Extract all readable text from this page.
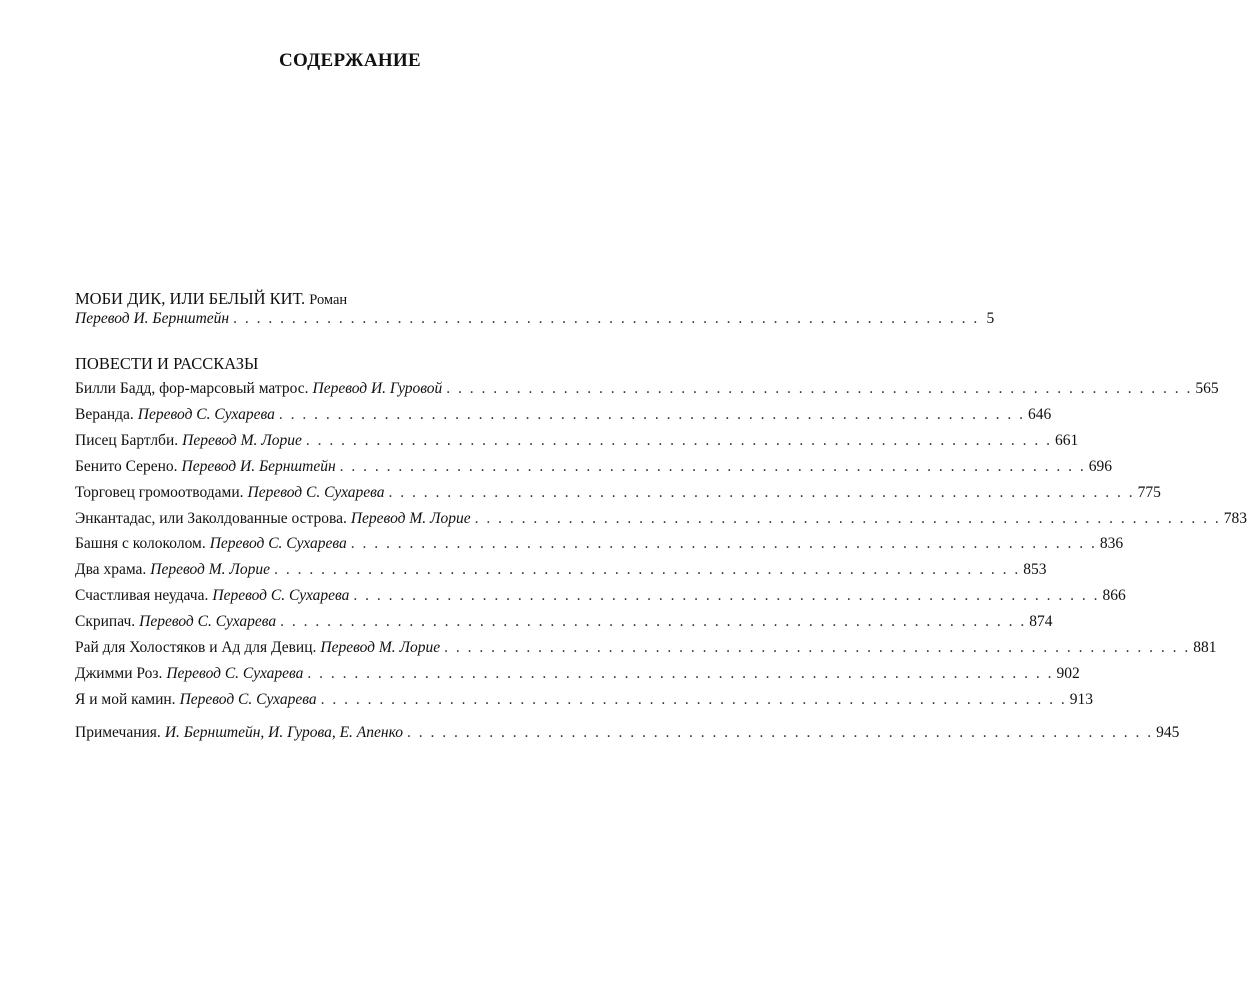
СОДЕРЖАНИЕ
МОБИ ДИК, ИЛИ БЕЛЫЙ КИТ. Роман
Перевод И. Бернштейн . . . . . . . . . . . . . . . . . . . . . . . . . . . . . . . . . . . . . . . . . . . . . . . . . . . . . . . . . . . . . . . . 5
ПОВЕСТИ И РАССКАЗЫ
Билли Бадд, фор-марсовый матрос. Перевод И. Гуровой . . . . . . . . . . . . . . . . . . . . . . . . . . . . . . . . . . . . . . . . . . . . . . . . . . . . . . . . . . . . . . . . 565
Веранда. Перевод С. Сухарева . . . . . . . . . . . . . . . . . . . . . . . . . . . . . . . . . . . . . . . . . . . . . . . . . . . . . . . . . . . . . . . . 646
Писец Бартлби. Перевод М. Лорие . . . . . . . . . . . . . . . . . . . . . . . . . . . . . . . . . . . . . . . . . . . . . . . . . . . . . . . . . . . . . . . . 661
Бенито Серено. Перевод И. Бернштейн . . . . . . . . . . . . . . . . . . . . . . . . . . . . . . . . . . . . . . . . . . . . . . . . . . . . . . . . . . . . . . . . 696
Торговец громоотводами. Перевод С. Сухарева . . . . . . . . . . . . . . . . . . . . . . . . . . . . . . . . . . . . . . . . . . . . . . . . . . . . . . . . . . . . . . . . 775
Энкантадас, или Заколдованные острова. Перевод М. Лорие . . . . . . . . . . . . . . . . . . . . . . . . . . . . . . . . . . . . . . . . . . . . . . . . . . . . . . . . . . . . . . . . 783
Башня с колоколом. Перевод С. Сухарева . . . . . . . . . . . . . . . . . . . . . . . . . . . . . . . . . . . . . . . . . . . . . . . . . . . . . . . . . . . . . . . . 836
Два храма. Перевод М. Лорие . . . . . . . . . . . . . . . . . . . . . . . . . . . . . . . . . . . . . . . . . . . . . . . . . . . . . . . . . . . . . . . . 853
Счастливая неудача. Перевод С. Сухарева . . . . . . . . . . . . . . . . . . . . . . . . . . . . . . . . . . . . . . . . . . . . . . . . . . . . . . . . . . . . . . . . 866
Скрипач. Перевод С. Сухарева . . . . . . . . . . . . . . . . . . . . . . . . . . . . . . . . . . . . . . . . . . . . . . . . . . . . . . . . . . . . . . . . 874
Рай для Холостяков и Ад для Девиц. Перевод М. Лорие . . . . . . . . . . . . . . . . . . . . . . . . . . . . . . . . . . . . . . . . . . . . . . . . . . . . . . . . . . . . . . . . 881
Джимми Роз. Перевод С. Сухарева . . . . . . . . . . . . . . . . . . . . . . . . . . . . . . . . . . . . . . . . . . . . . . . . . . . . . . . . . . . . . . . . 902
Я и мой камин. Перевод С. Сухарева . . . . . . . . . . . . . . . . . . . . . . . . . . . . . . . . . . . . . . . . . . . . . . . . . . . . . . . . . . . . . . . . 913
Примечания. И. Бернштейн, И. Гурова, Е. Апенко . . . . . . . . . . . . . . . . . . . . . . . . . . . . . . . . . . . . . . . . . . . . . . . . . . . . . . . . . . . . . . . . 945
